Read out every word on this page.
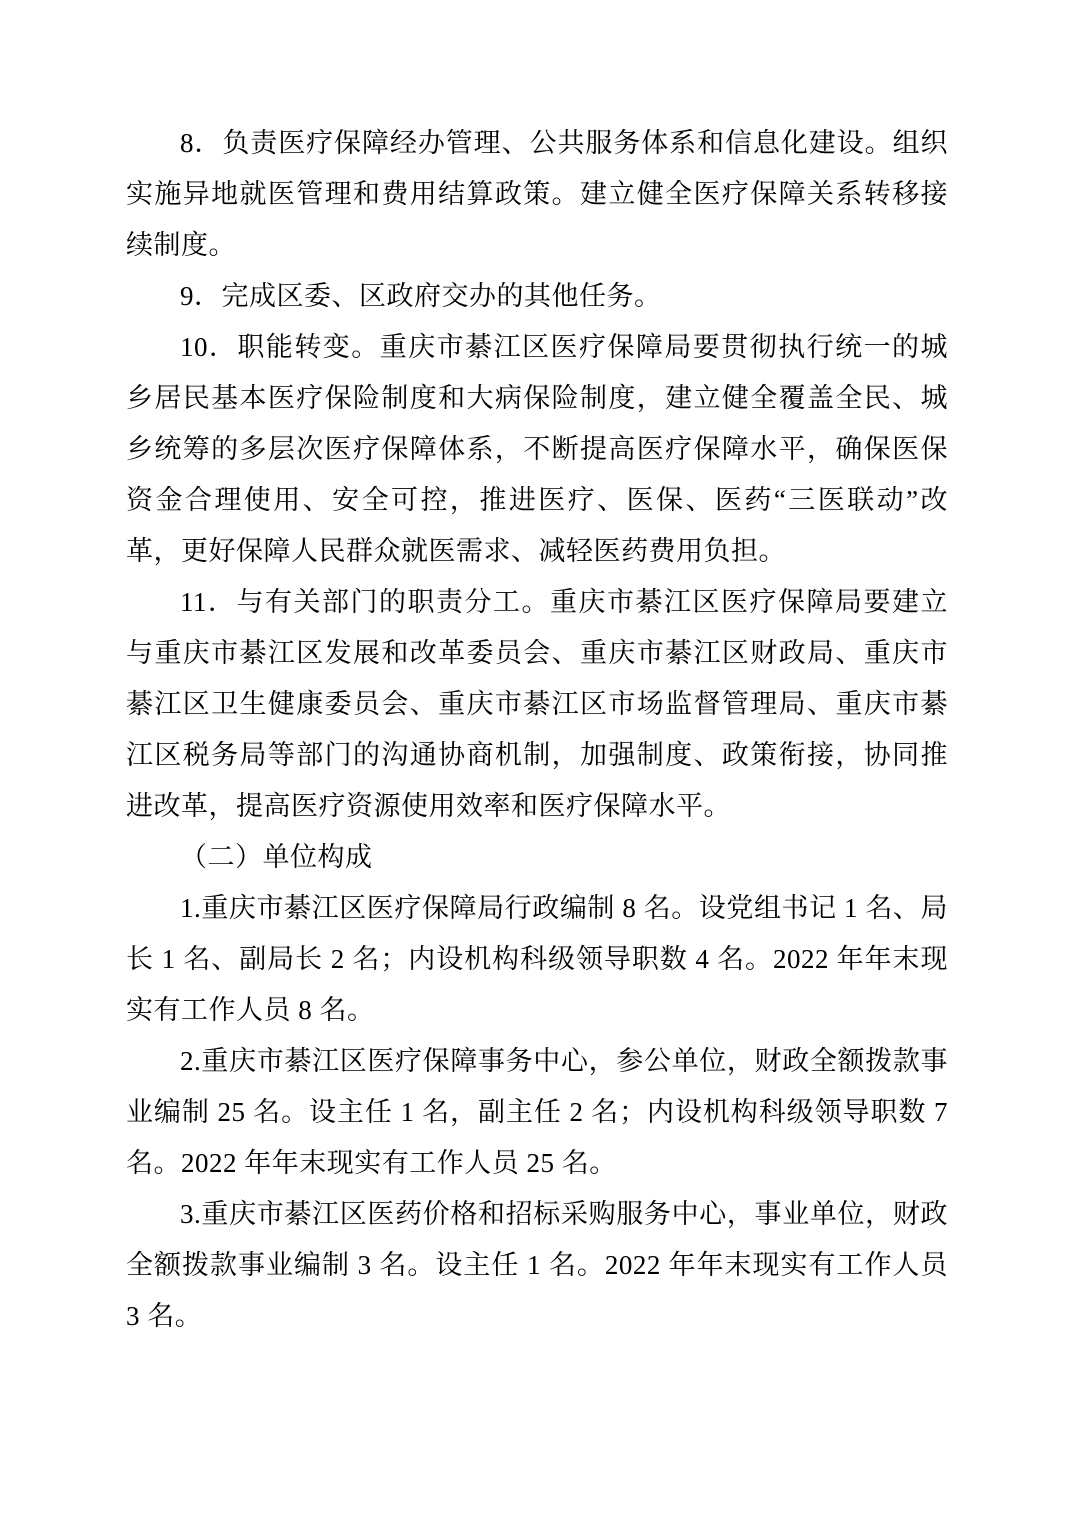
8．负责医疗保障经办管理、公共服务体系和信息化建设。组织实施异地就医管理和费用结算政策。建立健全医疗保障关系转移接续制度。

9．完成区委、区政府交办的其他任务。

10．职能转变。重庆市綦江区医疗保障局要贯彻执行统一的城乡居民基本医疗保险制度和大病保险制度，建立健全覆盖全民、城乡统筹的多层次医疗保障体系，不断提高医疗保障水平，确保医保资金合理使用、安全可控，推进医疗、医保、医药“三医联动”改革，更好保障人民群众就医需求、减轻医药费用负担。

11．与有关部门的职责分工。重庆市綦江区医疗保障局要建立与重庆市綦江区发展和改革委员会、重庆市綦江区财政局、重庆市綦江区卫生健康委员会、重庆市綦江区市场监督管理局、重庆市綦江区税务局等部门的沟通协商机制，加强制度、政策衔接，协同推进改革，提高医疗资源使用效率和医疗保障水平。

（二）单位构成

1.重庆市綦江区医疗保障局行政编制 8 名。设党组书记 1 名、局长 1 名、副局长 2 名；内设机构科级领导职数 4 名。2022 年年末现实有工作人员 8 名。

2.重庆市綦江区医疗保障事务中心，参公单位，财政全额拨款事业编制 25 名。设主任 1 名，副主任 2 名；内设机构科级领导职数 7 名。2022 年年末现实有工作人员 25 名。

3.重庆市綦江区医药价格和招标采购服务中心，事业单位，财政全额拨款事业编制 3 名。设主任 1 名。2022 年年末现实有工作人员 3 名。
